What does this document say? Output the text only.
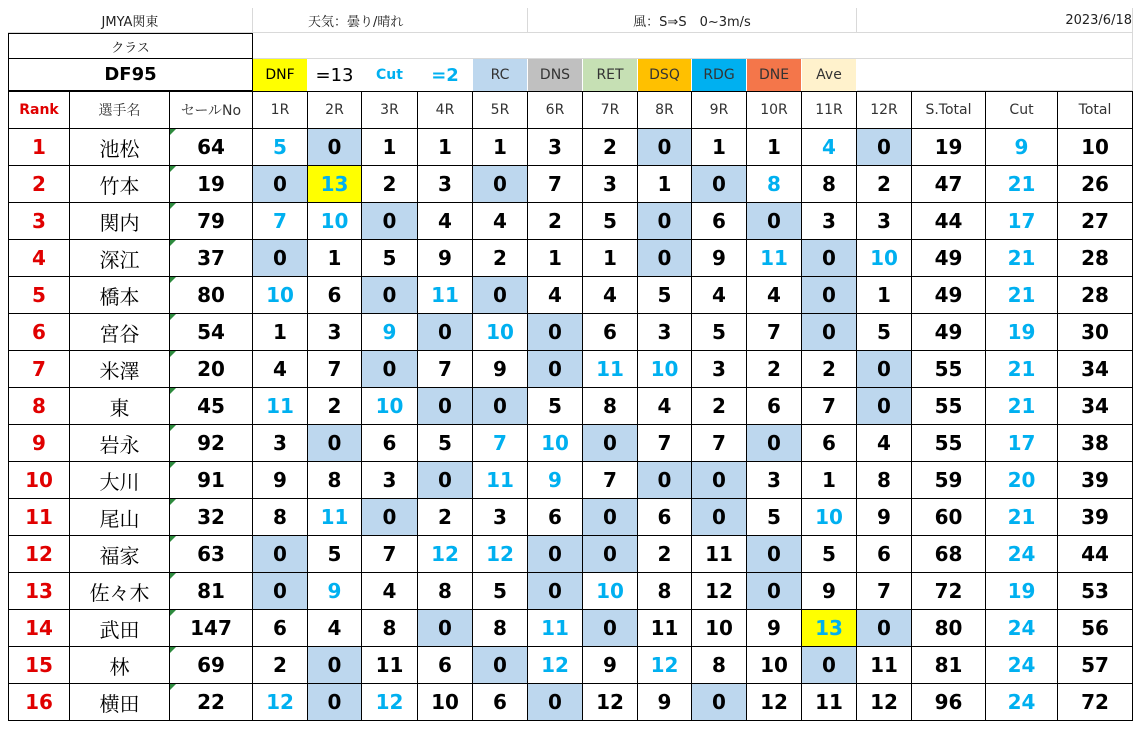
JMYA関東	天気：曇り/晴れ	風：S⇒S　0~3m/s	2023/6/18
クラス
DF95	DNF	=13	Cut	=2	RC	DNS	RET	DSQ	RDG	DNE	Ave
Rank	選手名	セールNo	1R	2R	3R	4R	5R	6R	7R	8R	9R	10R	11R	12R	S.Total	Cut	Total
1	池松	64	5	0	1	1	1	3	2	0	1	1	4	0	19	9	10
2	竹本	19	0	13	2	3	0	7	3	1	0	8	8	2	47	21	26
3	関内	79	7	10	0	4	4	2	5	0	6	0	3	3	44	17	27
4	深江	37	0	1	5	9	2	1	1	0	9	11	0	10	49	21	28
5	橋本	80	10	6	0	11	0	4	4	5	4	4	0	1	49	21	28
6	宮谷	54	1	3	9	0	10	0	6	3	5	7	0	5	49	19	30
7	米澤	20	4	7	0	7	9	0	11	10	3	2	2	0	55	21	34
8	東	45	11	2	10	0	0	5	8	4	2	6	7	0	55	21	34
9	岩永	92	3	0	6	5	7	10	0	7	7	0	6	4	55	17	38
10	大川	91	9	8	3	0	11	9	7	0	0	3	1	8	59	20	39
11	尾山	32	8	11	0	2	3	6	0	6	0	5	10	9	60	21	39
12	福家	63	0	5	7	12	12	0	0	2	11	0	5	6	68	24	44
13	佐々木	81	0	9	4	8	5	0	10	8	12	0	9	7	72	19	53
14	武田	147	6	4	8	0	8	11	0	11	10	9	13	0	80	24	56
15	林	69	2	0	11	6	0	12	9	12	8	10	0	11	81	24	57
16	横田	22	12	0	12	10	6	0	12	9	0	12	11	12	96	24	72
